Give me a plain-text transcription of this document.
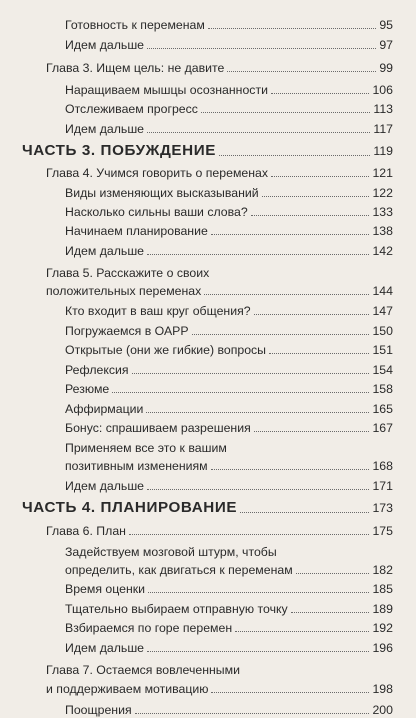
Готовность к переменам	95
Идем дальше	97
Глава 3. Ищем цель: не давите	99
Наращиваем мышцы осознанности	106
Отслеживаем прогресс	113
Идем дальше	117
ЧАСТЬ 3. ПОБУЖДЕНИЕ	119
Глава 4. Учимся говорить о переменах	121
Виды изменяющих высказываний	122
Насколько сильны ваши слова?	133
Начинаем планирование	138
Идем дальше	142
Глава 5. Расскажите о своих
положительных переменах	144
Кто входит в ваш круг общения?	147
Погружаемся в ОАРР	150
Открытые (они же гибкие) вопросы	151
Рефлексия	154
Резюме	158
Аффирмации	165
Бонус: спрашиваем разрешения	167
Применяем все это к вашим
позитивным изменениям	168
Идем дальше	171
ЧАСТЬ 4. ПЛАНИРОВАНИЕ	173
Глава 6. План	175
Задействуем мозговой штурм, чтобы
определить, как двигаться к переменам	182
Время оценки	185
Тщательно выбираем отправную точку	189
Взбираемся по горе перемен	192
Идем дальше	196
Глава 7. Остаемся вовлеченными
и поддерживаем мотивацию	198
Поощрения	200
